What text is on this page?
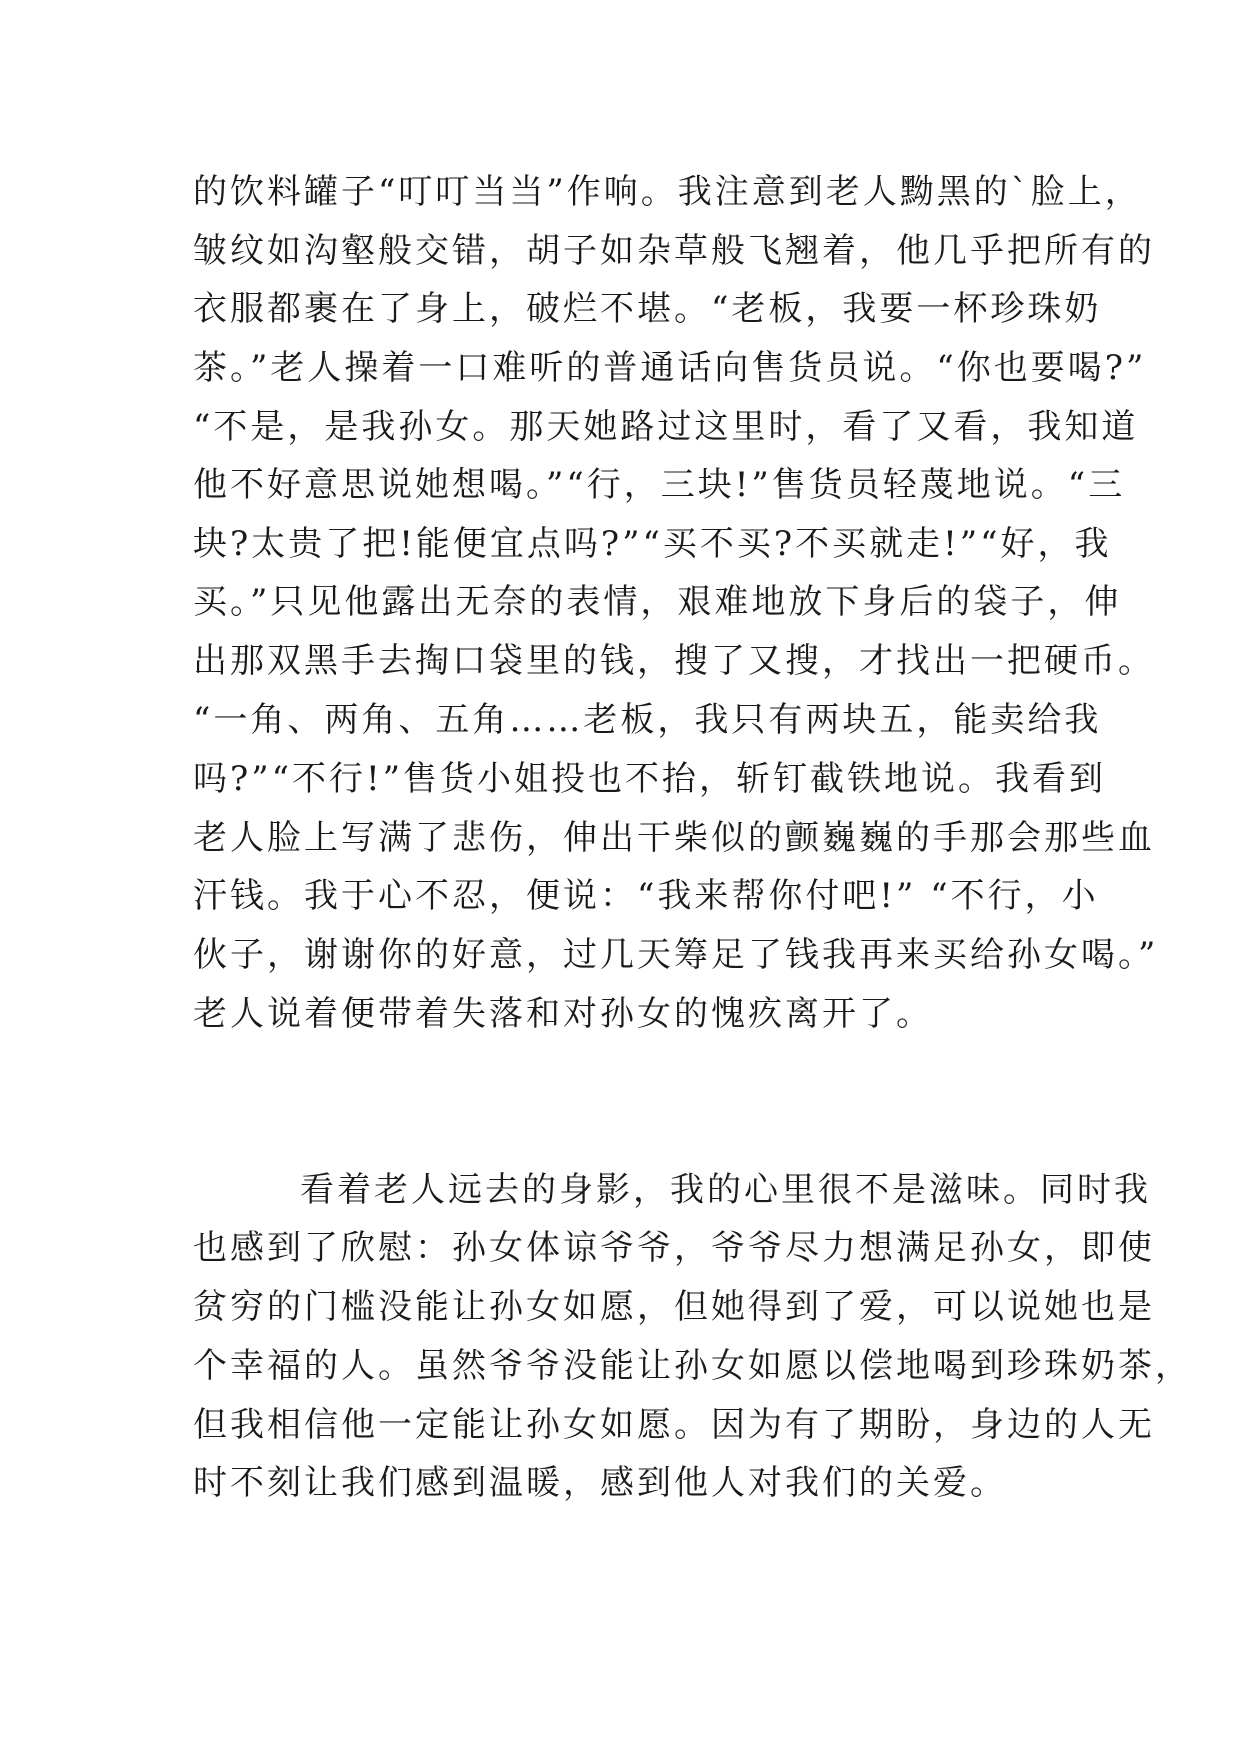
的饮料罐子“叮叮当当”作响。我注意到老人黝黑的`脸上，
皱纹如沟壑般交错，胡子如杂草般飞翘着，他几乎把所有的
衣服都裹在了身上，破烂不堪。“老板，我要一杯珍珠奶
茶。”老人操着一口难听的普通话向售货员说。“你也要喝?”
“不是，是我孙女。那天她路过这里时，看了又看，我知道
他不好意思说她想喝。”“行，三块!”售货员轻蔑地说。“三
块?太贵了把!能便宜点吗?”“买不买?不买就走!”“好，我
买。”只见他露出无奈的表情，艰难地放下身后的袋子，伸
出那双黑手去掏口袋里的钱，搜了又搜，才找出一把硬币。
“一角、两角、五角……老板，我只有两块五，能卖给我
吗?”“不行!”售货小姐投也不抬，斩钉截铁地说。我看到
老人脸上写满了悲伤，伸出干柴似的颤巍巍的手那会那些血
汗钱。我于心不忍，便说：“我来帮你付吧!” “不行，小
伙子，谢谢你的好意，过几天筹足了钱我再来买给孙女喝。”
老人说着便带着失落和对孙女的愧疚离开了。
看着老人远去的身影，我的心里很不是滋味。同时我
也感到了欣慰：孙女体谅爷爷，爷爷尽力想满足孙女，即使
贫穷的门槛没能让孙女如愿，但她得到了爱，可以说她也是
个幸福的人。虽然爷爷没能让孙女如愿以偿地喝到珍珠奶茶，
但我相信他一定能让孙女如愿。因为有了期盼，身边的人无
时不刻让我们感到温暖，感到他人对我们的关爱。
